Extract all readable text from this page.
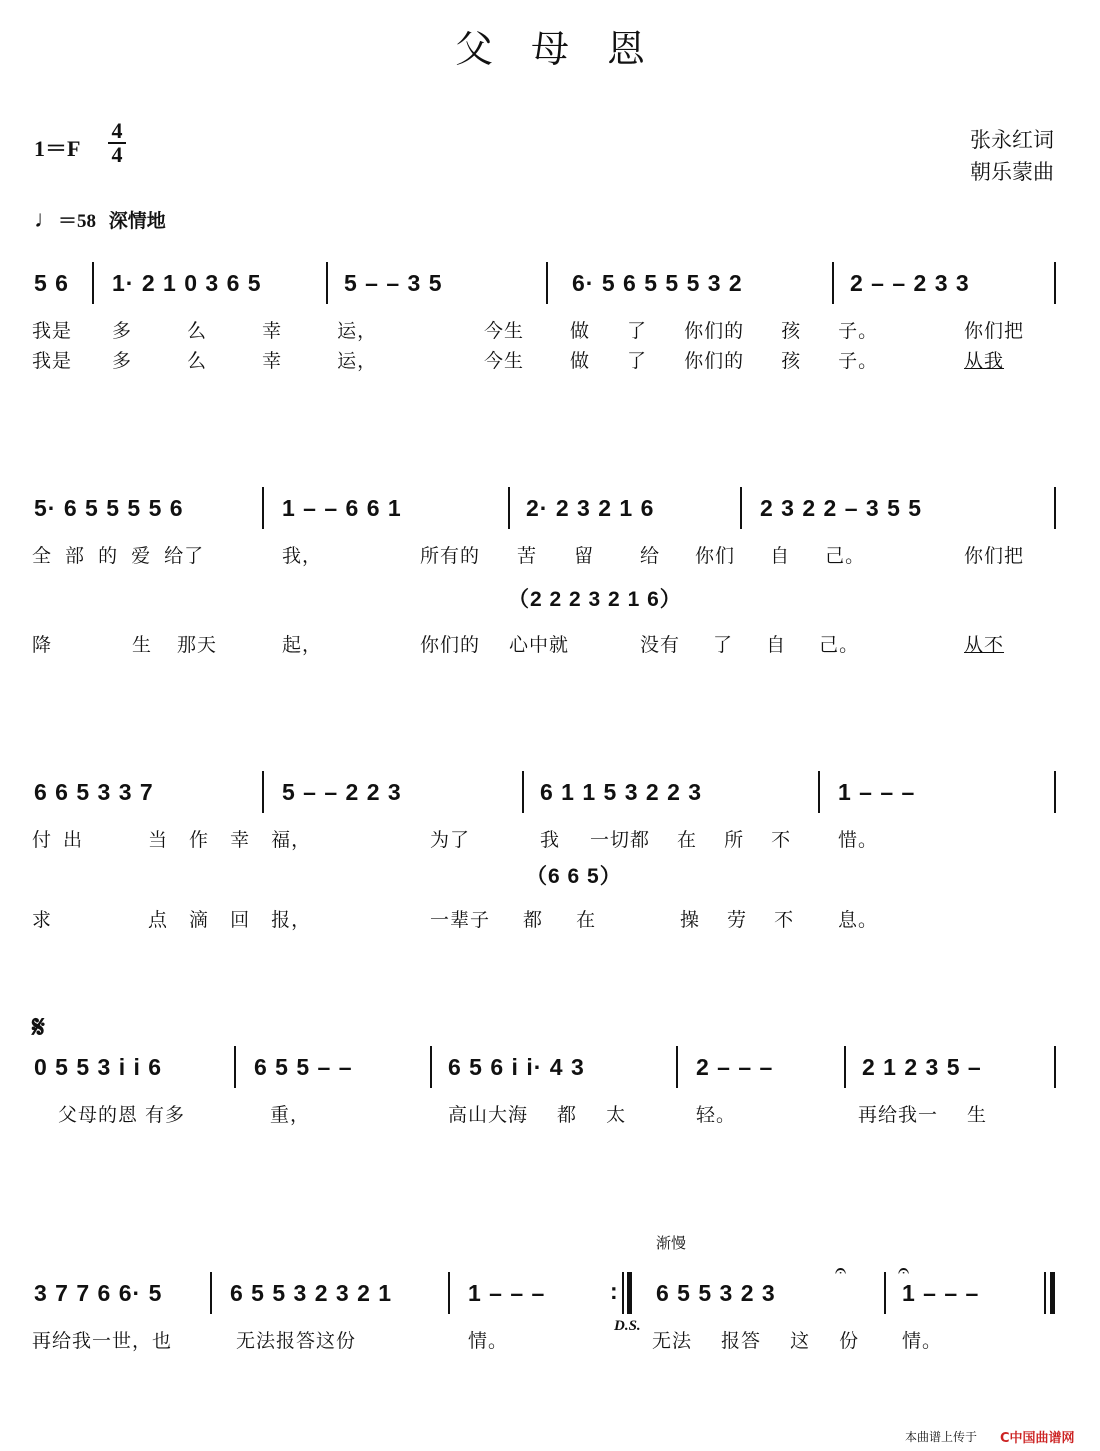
父母恩
1＝F
4
4
张永红词
朝乐蒙曲
♩＝58 深情地
5 6 1· 2 1 0 3 6 5	5 – – 3 5	6· 5 6 5 5 5 3 2	2 – – 2 3 3
我是 多 么 幸 运，	今生 做 了 你们的 孩 子。	你们把
我是 多 么 幸 运，	今生 做 了 你们的 孩 子。	从我
5· 6 5 5 5 5 6	1 – – 6 6 1	2· 2 3 2 1 6	2 3 2 2 – 3 5 5
全 部 的 爱 给了	我，	所有的 苦 留 给 你们 自 己。	你们把
（2 2 2 3 2 1 6）
降	生 那天	起，	你们的 心中就	没有 了 自 己。	从不
6 6 5 3 3 7	5 – – 2 2 3	6 1 1 5 3 2 2 3	1 – – –
付 出	当 作 幸 福，	为了	我 一切都 在 所 不 惜。
（6 6 5）
求	点 滴 回 报，	一辈子 都 在	操 劳 不 息。
𝄋
0 5 5 3 i i 6	6 5 5 – –	6 5 6 i i· 4 3	2 – – –	2 1 2 3 5 –
父母的恩 有多	重，	高山大海 都 太	轻。	再给我一 生
渐慢
3 7 7 6 6· 5	6 5 5 3 2 3 2 1	1 – – –	: 6 5 5 3 2 3
𝄐	𝄐
1 – – –
再给我一世，也	无法报答这份	情。
D.S.
无法 报答 这 份 情。
本曲谱上传于 C中国曲谱网
